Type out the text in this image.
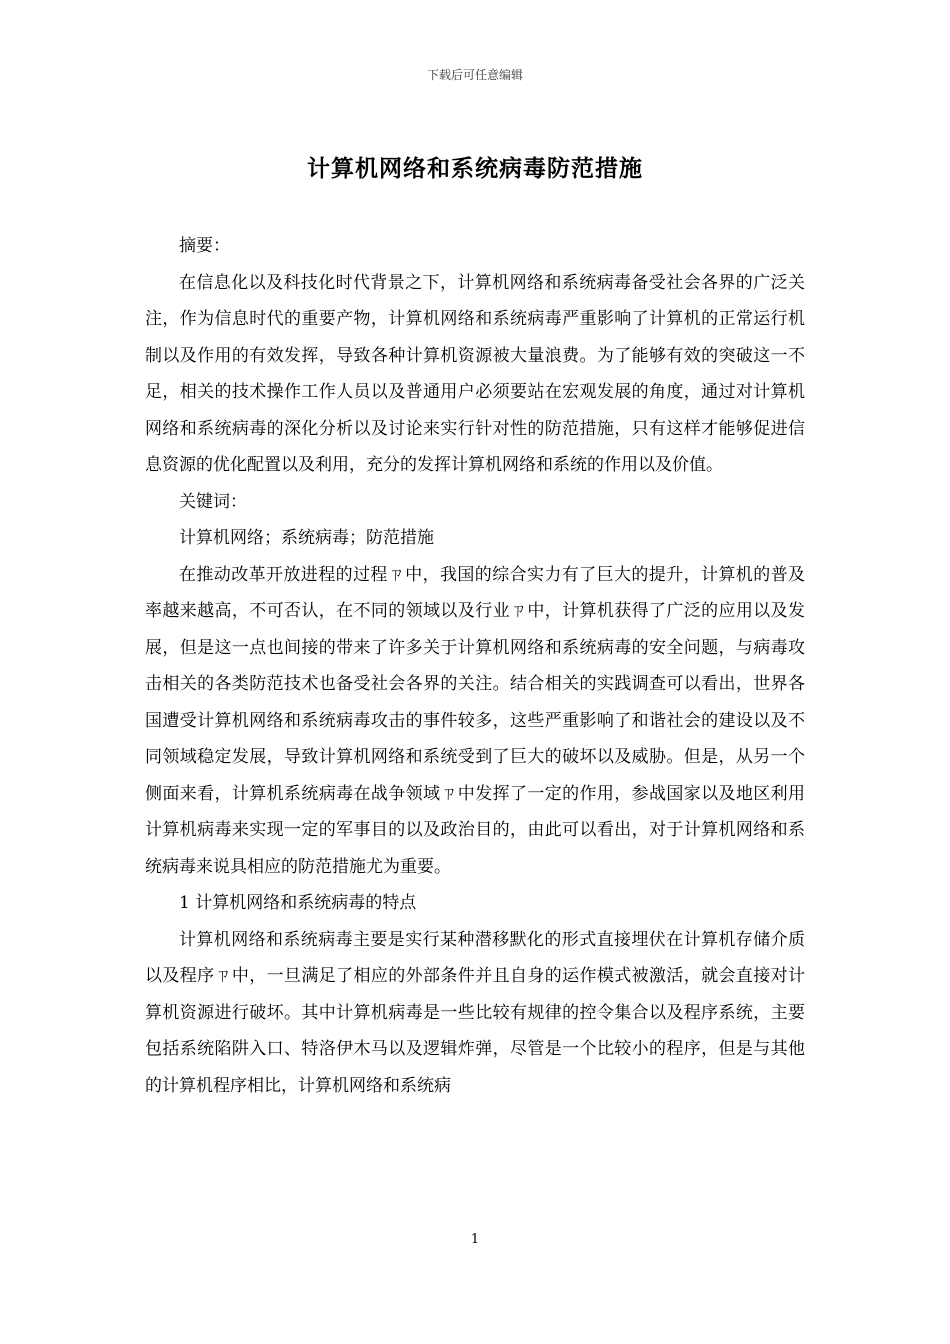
下载后可任意编辑
计算机网络和系统病毒防范措施

摘要：

在信息化以及科技化时代背景之下，计算机网络和系统病毒备受社会各界的广泛关注，作为信息时代的重要产物，计算机网络和系统病毒严重影响了计算机的正常运行机制以及作用的有效发挥，导致各种计算机资源被大量浪费。为了能够有效的突破这一不足，相关的技术操作工作人员以及普通用户必须要站在宏观发展的角度，通过对计算机网络和系统病毒的深化分析以及讨论来实行针对性的防范措施，只有这样才能够促进信息资源的优化配置以及利用，充分的发挥计算机网络和系统的作用以及价值。

关键词：

计算机网络；系统病毒；防范措施

在推动改革开放进程的过程ㄗ中，我国的综合实力有了巨大的提升，计算机的普及率越来越高，不可否认，在不同的领域以及行业ㄗ中，计算机获得了广泛的应用以及发展，但是这一点也间接的带来了许多关于计算机网络和系统病毒的安全问题，与病毒攻击相关的各类防范技术也备受社会各界的关注。结合相关的实践调查可以看出，世界各国遭受计算机网络和系统病毒攻击的事件较多，这些严重影响了和谐社会的建设以及不同领域稳定发展，导致计算机网络和系统受到了巨大的破坏以及威胁。但是，从另一个侧面来看，计算机系统病毒在战争领域ㄗ中发挥了一定的作用，参战国家以及地区利用计算机病毒来实现一定的军事目的以及政治目的，由此可以看出，对于计算机网络和系统病毒来说具相应的防范措施尤为重要。

1 计算机网络和系统病毒的特点

计算机网络和系统病毒主要是实行某种潜移默化的形式直接埋伏在计算机存储介质以及程序ㄗ中，一旦满足了相应的外部条件并且自身的运作模式被激活，就会直接对计算机资源进行破坏。其中计算机病毒是一些比较有规律的控令集合以及程序系统，主要包括系统陷阱入口、特洛伊木马以及逻辑炸弹，尽管是一个比较小的程序，但是与其他的计算机程序相比，计算机网络和系统病

1
